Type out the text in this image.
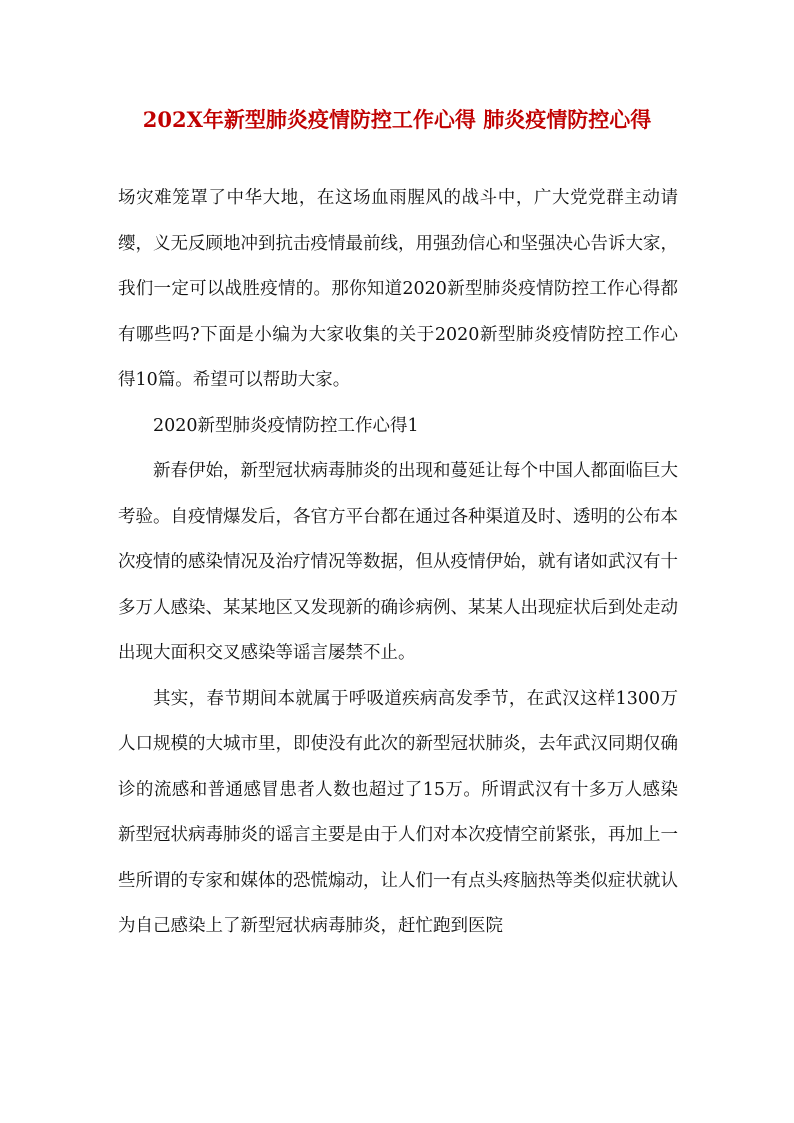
202X年新型肺炎疫情防控工作心得 肺炎疫情防控心得

场灾难笼罩了中华大地，在这场血雨腥风的战斗中，广大党党群主动请缨，义无反顾地冲到抗击疫情最前线，用强劲信心和坚强决心告诉大家，我们一定可以战胜疫情的。那你知道2020新型肺炎疫情防控工作心得都有哪些吗?下面是小编为大家收集的关于2020新型肺炎疫情防控工作心得10篇。希望可以帮助大家。

2020新型肺炎疫情防控工作心得1

新春伊始，新型冠状病毒肺炎的出现和蔓延让每个中国人都面临巨大考验。自疫情爆发后，各官方平台都在通过各种渠道及时、透明的公布本次疫情的感染情况及治疗情况等数据，但从疫情伊始，就有诸如武汉有十多万人感染、某某地区又发现新的确诊病例、某某人出现症状后到处走动出现大面积交叉感染等谣言屡禁不止。

其实，春节期间本就属于呼吸道疾病高发季节，在武汉这样1300万人口规模的大城市里，即使没有此次的新型冠状肺炎，去年武汉同期仅确诊的流感和普通感冒患者人数也超过了15万。所谓武汉有十多万人感染新型冠状病毒肺炎的谣言主要是由于人们对本次疫情空前紧张，再加上一些所谓的专家和媒体的恐慌煽动，让人们一有点头疼脑热等类似症状就认为自己感染上了新型冠状病毒肺炎，赶忙跑到医院
